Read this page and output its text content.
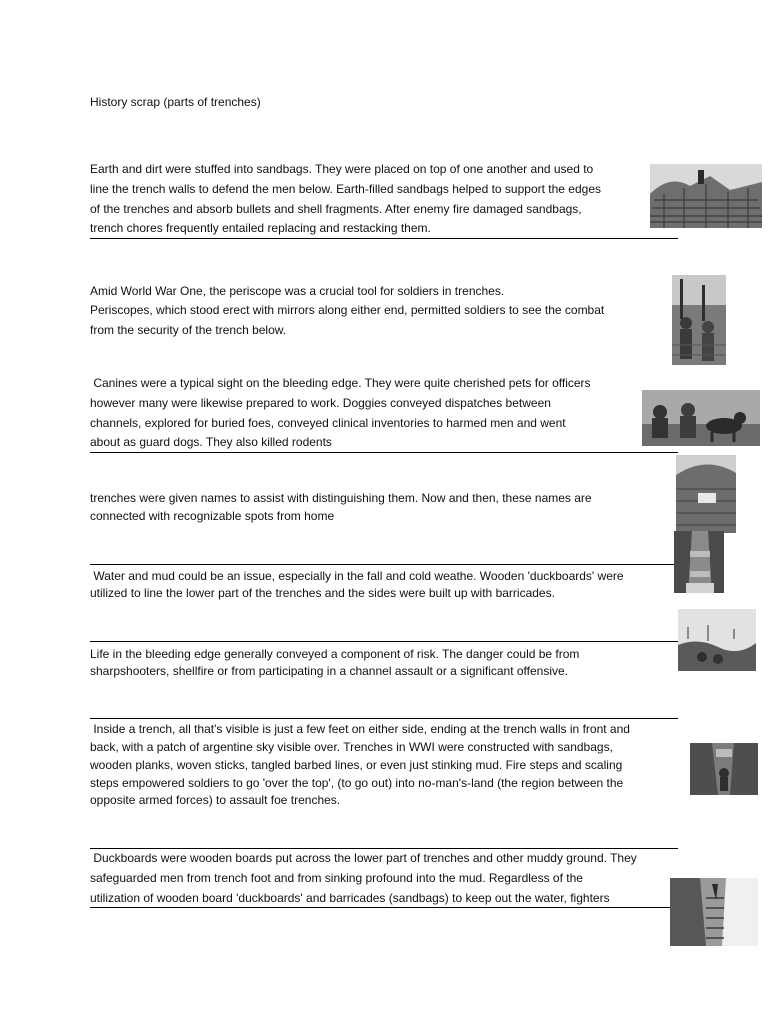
History scrap (parts of trenches)

Earth and dirt were stuffed into sandbags. They were placed on top of one another and used to

line the trench walls to defend the men below. Earth-filled sandbags helped to support the edges

of the trenches and absorb bullets and shell fragments. After enemy fire damaged sandbags,

trench chores frequently entailed replacing and restacking them.

Amid World War One, the periscope was a crucial tool for soldiers in trenches.

Periscopes, which stood erect with mirrors along either end, permitted soldiers to see the combat

from the security of the trench below.

Canines were a typical sight on the bleeding edge. They were quite cherished pets for officers

however many were likewise prepared to work. Doggies conveyed dispatches between

channels, explored for buried foes, conveyed clinical inventories to harmed men and went

about as guard dogs. They also killed rodents

trenches were given names to assist with distinguishing them. Now and then, these names are

connected with recognizable spots from home

Water and mud could be an issue, especially in the fall and cold weathe. Wooden 'duckboards' were

utilized to line the lower part of the trenches and the sides were built up with barricades.

Life in the bleeding edge generally conveyed a component of risk. The danger could be from

sharpshooters, shellfire or from participating in a channel assault or a significant offensive.

Inside a trench, all that's visible is just a few feet on either side, ending at the trench walls in front and

back, with a patch of argentine sky visible over. Trenches in WWI were constructed with sandbags,

wooden planks, woven sticks, tangled barbed lines, or even just stinking mud. Fire steps and scaling

steps empowered soldiers to go 'over the top', (to go out) into no-man's-land (the region between the

opposite armed forces) to assault foe trenches.

Duckboards were wooden boards put across the lower part of trenches and other muddy ground. They

safeguarded men from trench foot and from sinking profound into the mud. Regardless of the

utilization of wooden board 'duckboards' and barricades (sandbags) to keep out the water, fighters
